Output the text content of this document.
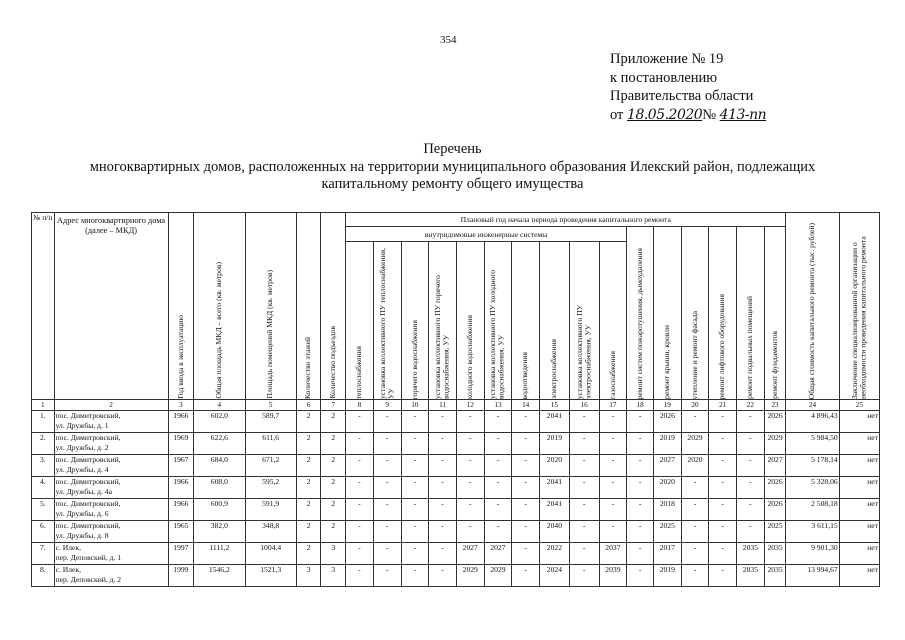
354
Приложение № 19
к постановлению
Правительства области
от 18.05.2020№ 413-пп
Перечень
многоквартирных домов, расположенных на территории муниципального образования Илекский район, подлежащих
капитальному ремонту общего имущества
№ п/п	Адрес многоквартирного дома (далее – МКД)	Год ввода в эксплуатацию	Общая площадь МКД – всего (кв. метров)	Площадь помещений МКД (кв. метров)	Количество этажей	Количество подъездов	Плановый год начала периода проведения капитального ремонта																Общая стоимость капитального ремонта (тыс. рублей)	Заключение специализированной организации о необходимости проведения капитального ремонта

							внутридомовые инженерные системы										ремонт систем пожаротушения, дымоудаления	ремонт крыши, кровли	утепление и ремонт фасада	ремонт лифтового оборудования	ремонт подвальных помещений	ремонт фундаментов		

							теплоснабжения	установка коллективного ПУ теплоснабжения, УУ	горячего водоснабжения	установка коллективного ПУ горячего водоснабжения, УУ	холодного водоснабжения	установка коллективного ПУ холодного водоснабжения, УУ	водоотведения	электроснабжения	установка коллективного ПУ электроснабжения, УУ	газоснабжения								

1	2	3	4	5	6	7	8	9	10	11	12	13	14	15	16	17	18	19	20	21	22	23	24	25
1.	пос. Димитровский,
ул. Дружбы, д. 1	1966	602,0	589,7	2	2	-	-	-	-	-	-	-	2041	-	-	-	2026	-	-	-	2026	4 896,43	нет
2.	пос. Димитровский,
ул. Дружбы, д. 2	1969	622,6	611,6	2	2	-	-	-	-	-	-	-	2019	-	-	-	2019	2029	-	-	2029	5 984,50	нет
3.	пос. Димитровский,
ул. Дружбы, д. 4	1967	684,0	671,2	2	2	-	-	-	-	-	-	-	2020	-	-	-	2027	2020	-	-	2027	5 178,14	нет
4.	пос. Димитровский,
ул. Дружбы, д. 4а	1966	608,0	595,2	2	2	-	-	-	-	-	-	-	2041	-	-	-	2020	-	-	-	2026	5 328,06	нет
5.	пос. Димитровский,
ул. Дружбы, д. 6	1966	600,9	591,9	2	2	-	-	-	-	-	-	-	2041	-	-	-	2018	-	-	-	2026	2 508,18	нет
6.	пос. Димитровский,
ул. Дружбы, д. 8	1965	382,0	348,8	2	2	-	-	-	-	-	-	-	2040	-	-	-	2025	-	-	-	2025	3 611,15	нет
7.	с. Илек,
пер. Деповский, д. 1	1997	1111,2	1004,4	2	3	-	-	-	-	2027	2027	-	2022	-	2037	-	2017	-	-	2035	2035	9 901,30	нет
8.	с. Илек,
пер. Деповский, д. 2	1999	1546,2	1521,3	3	3	-	-	-	-	2029	2029	-	2024	-	2039	-	2019	-	-	2035	2035	13 994,67	нет
